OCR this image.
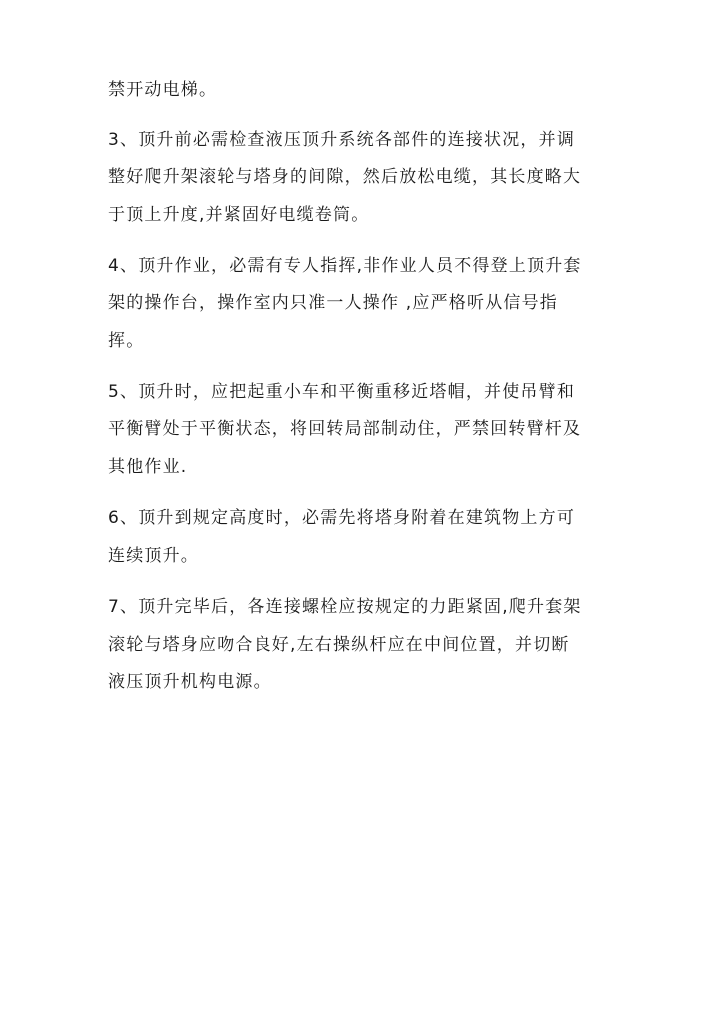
禁开动电梯。
3、顶升前必需检查液压顶升系统各部件的连接状况，并调
整好爬升架滚轮与塔身的间隙，然后放松电缆，其长度略大
于顶上升度,并紧固好电缆卷筒。
4、顶升作业，必需有专人指挥,非作业人员不得登上顶升套
架的操作台，操作室内只准一人操作 ,应严格听从信号指
挥。
5、顶升时，应把起重小车和平衡重移近塔帽，并使吊臂和
平衡臂处于平衡状态，将回转局部制动住，严禁回转臂杆及
其他作业.
6、顶升到规定高度时，必需先将塔身附着在建筑物上方可
连续顶升。
7、顶升完毕后，各连接螺栓应按规定的力距紧固,爬升套架
滚轮与塔身应吻合良好,左右操纵杆应在中间位置，并切断
液压顶升机构电源。
